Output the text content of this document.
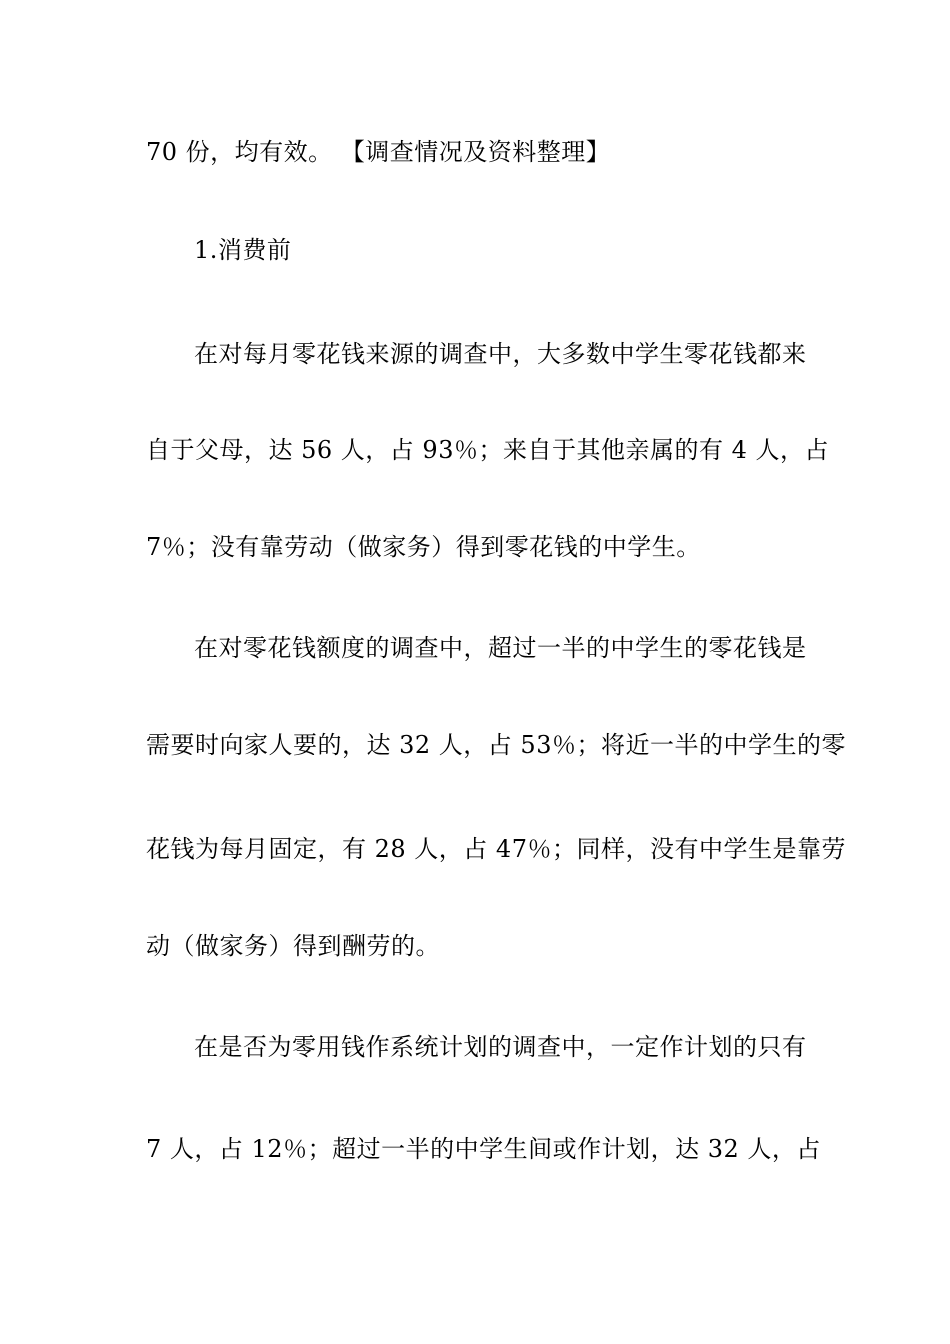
70 份，均有效。 【调查情况及资料整理】
1.消费前
在对每月零花钱来源的调查中，大多数中学生零花钱都来
自于父母，达 56 人，占 93％；来自于其他亲属的有 4 人，占
7％；没有靠劳动（做家务）得到零花钱的中学生。
在对零花钱额度的调查中，超过一半的中学生的零花钱是
需要时向家人要的，达 32 人，占 53％；将近一半的中学生的零
花钱为每月固定，有 28 人，占 47％；同样，没有中学生是靠劳
动（做家务）得到酬劳的。
在是否为零用钱作系统计划的调查中，一定作计划的只有
7 人，占 12％；超过一半的中学生间或作计划，达 32 人，占
